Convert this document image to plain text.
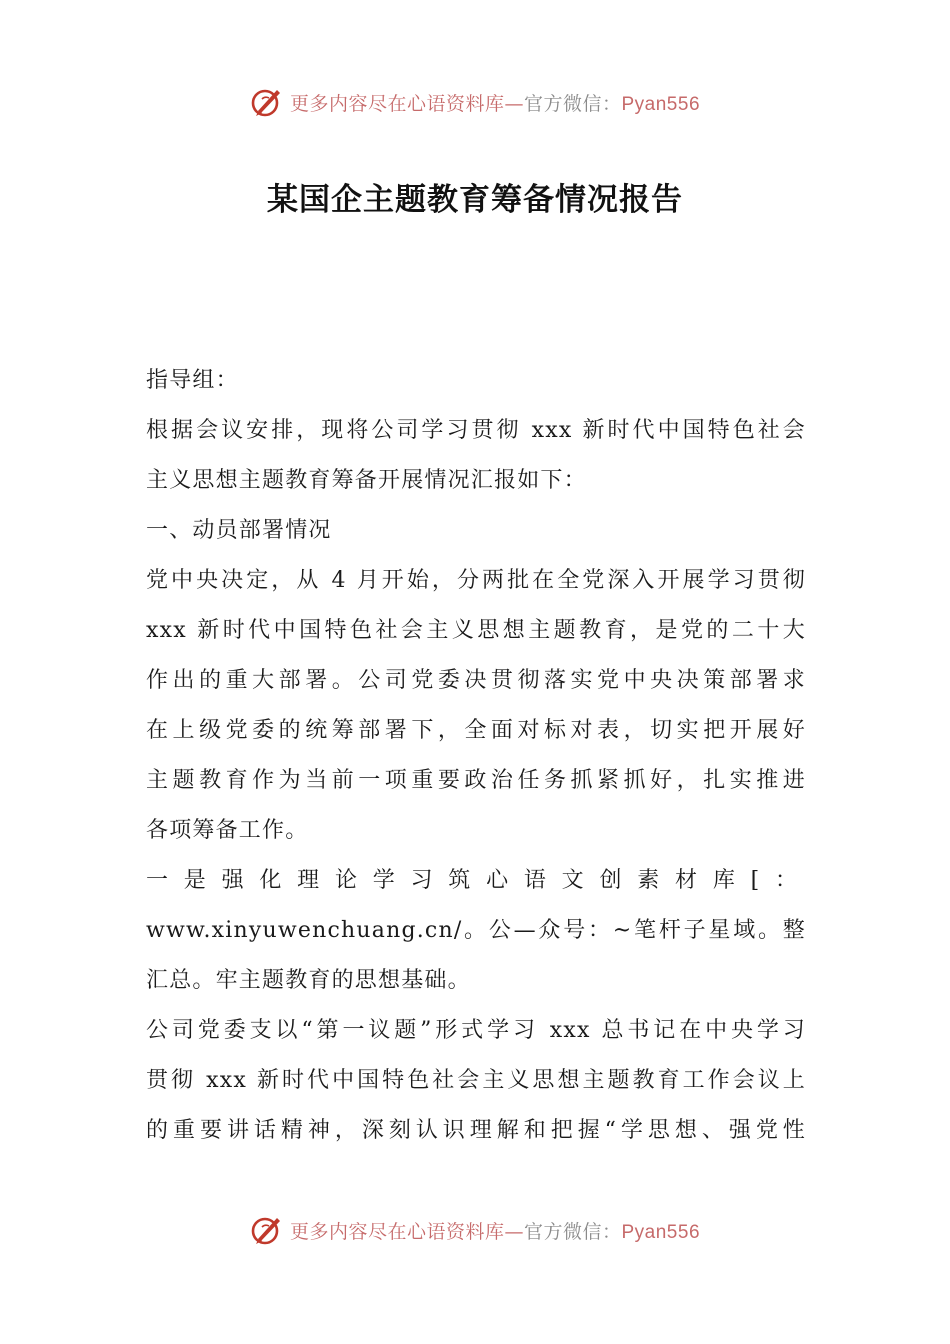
更多内容尽在心语资料库—官方微信：Pyan556
某国企主题教育筹备情况报告
指导组：
根据会议安排，现将公司学习贯彻 xxx 新时代中国特色社会
主义思想主题教育筹备开展情况汇报如下：
一、动员部署情况
党中央决定，从 4 月开始，分两批在全党深入开展学习贯彻
xxx 新时代中国特色社会主义思想主题教育，是党的二十大
作出的重大部署。公司党委决贯彻落实党中央决策部署求
在上级党委的统筹部署下，全面对标对表，切实把开展好
主题教育作为当前一项重要政治任务抓紧抓好，扎实推进
各项筹备工作。
一是强化理论学习筑心语文创素材库[：
www.xinyuwenchuang.cn/。公—众号：~笔杆子星域。整
汇总。牢主题教育的思想基础。
公司党委支以“第一议题”形式学习 xxx 总书记在中央学习
贯彻 xxx 新时代中国特色社会主义思想主题教育工作会议上
的重要讲话精神，深刻认识理解和把握“学思想、强党性
更多内容尽在心语资料库—官方微信：Pyan556
